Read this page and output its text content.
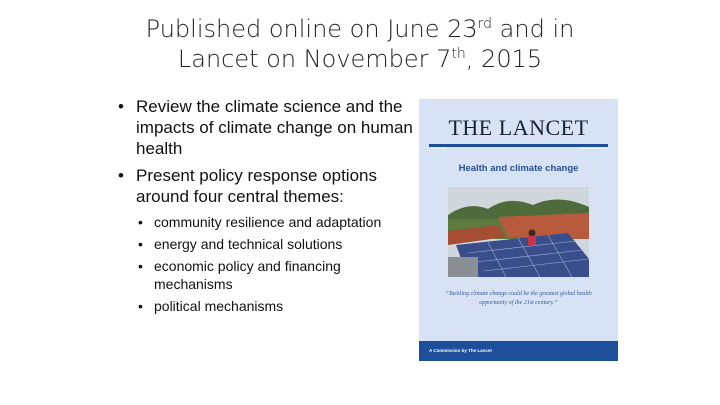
Published online on June 23rd and in
Lancet on November 7th, 2015
• Review the climate science and the impacts of climate change on human health
• Present policy response options around four central themes:
• community resilience and adaptation
• energy and technical solutions
• economic policy and financing mechanisms
• political mechanisms
THE LANCET
June, 2015	www.thelancet.com
Health and climate change
“Tackling climate change could be the greatest global health opportunity of the 21st century.”
A Commission by The Lancet
